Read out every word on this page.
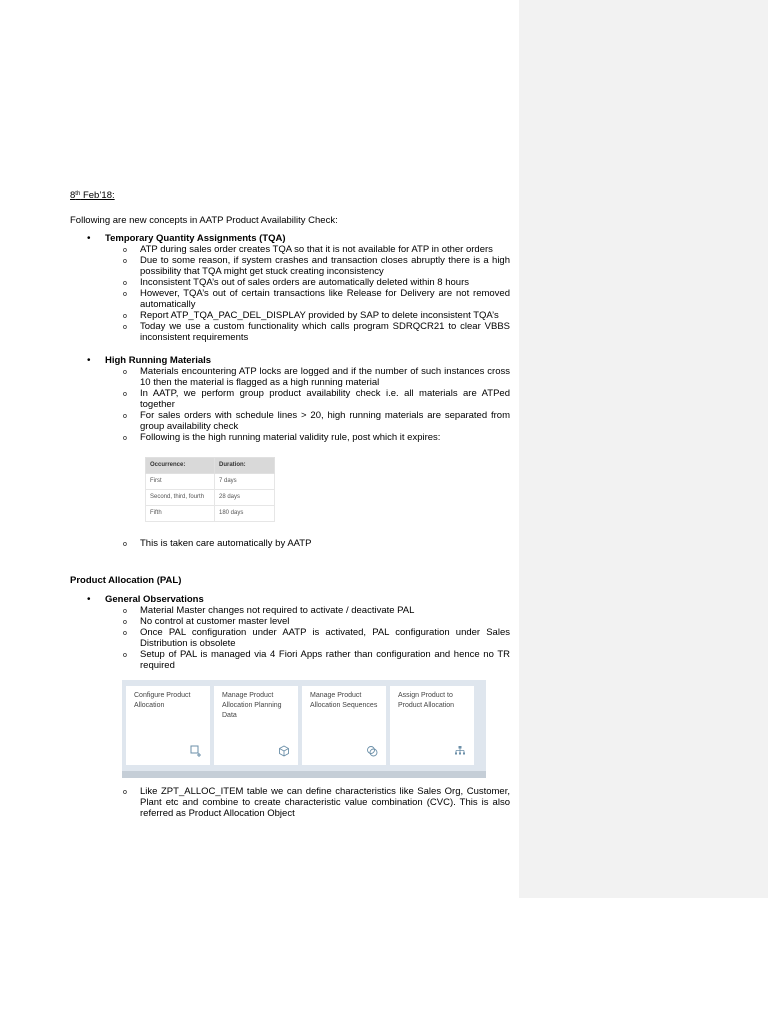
8th Feb’18:

Following are new concepts in AATP Product Availability Check:

• Temporary Quantity Assignments (TQA)
o ATP during sales order creates TQA so that it is not available for ATP in other orders
o Due to some reason, if system crashes and transaction closes abruptly there is a high possibility that TQA might get stuck creating inconsistency
o Inconsistent TQA’s out of sales orders are automatically deleted within 8 hours
o However, TQA’s out of certain transactions like Release for Delivery are not removed automatically
o Report ATP_TQA_PAC_DEL_DISPLAY provided by SAP to delete inconsistent TQA’s
o Today we use a custom functionality which calls program SDRQCR21 to clear VBBS inconsistent requirements
• High Running Materials
o Materials encountering ATP locks are logged and if the number of such instances cross 10 then the material is flagged as a high running material
o In AATP, we perform group product availability check i.e. all materials are ATPed together
o For sales orders with schedule lines > 20, high running materials are separated from group availability check
o Following is the high running material validity rule, post which it expires:
Occurrence:	Duration:
First	7 days
Second, third, fourth	28 days
Fifth	180 days
o This is taken care automatically by AATP

Product Allocation (PAL)

• General Observations
o Material Master changes not required to activate / deactivate PAL
o No control at customer master level
o Once PAL configuration under AATP is activated, PAL configuration under Sales Distribution is obsolete
o Setup of PAL is managed via 4 Fiori Apps rather than configuration and hence no TR required
Configure Product Allocation
Manage Product Allocation Planning Data
Manage Product Allocation Sequences
Assign Product to Product Allocation
o Like ZPT_ALLOC_ITEM table we can define characteristics like Sales Org, Customer, Plant etc and combine to create characteristic value combination (CVC). This is also referred as Product Allocation Object
